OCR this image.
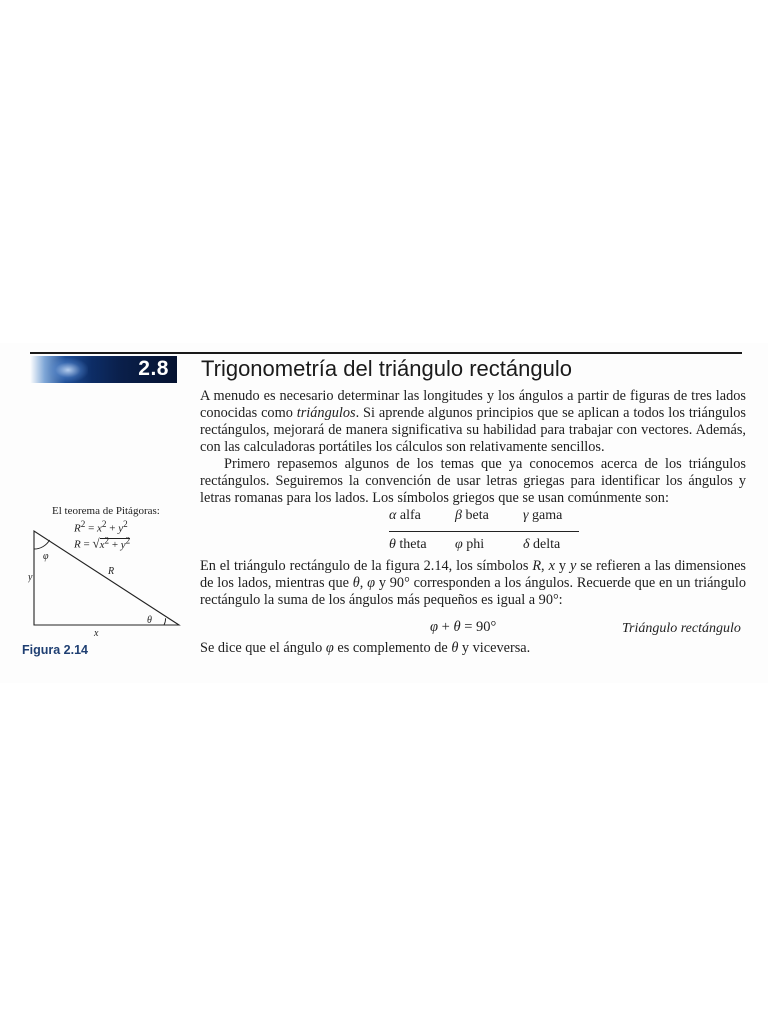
2.8 Trigonometría del triángulo rectángulo

A menudo es necesario determinar las longitudes y los ángulos a partir de figuras de tres lados conocidas como triángulos. Si aprende algunos principios que se aplican a todos los triángulos rectángulos, mejorará de manera significativa su habilidad para trabajar con vectores. Además, con las calculadoras portátiles los cálculos son relativamente sencillos.

Primero repasemos algunos de los temas que ya conocemos acerca de los triángulos rectángulos. Seguiremos la convención de usar letras griegas para identificar los ángulos y letras romanas para los lados. Los símbolos griegos que se usan comúnmente son:

α alfa	β beta	γ gama
θ theta	φ phi	δ delta

En el triángulo rectángulo de la figura 2.14, los símbolos R, x y y se refieren a las dimensiones de los lados, mientras que θ, φ y 90° corresponden a los ángulos. Recuerde que en un triángulo rectángulo la suma de los ángulos más pequeños es igual a 90°:

φ + θ = 90°	Triángulo rectángulo
Se dice que el ángulo φ es complemento de θ y viceversa.
El teorema de Pitágoras:
$R^2 = x^2 + y^2$
$R = √x^2 + y^2$
φ
R
y
x
θ
Figura 2.14
